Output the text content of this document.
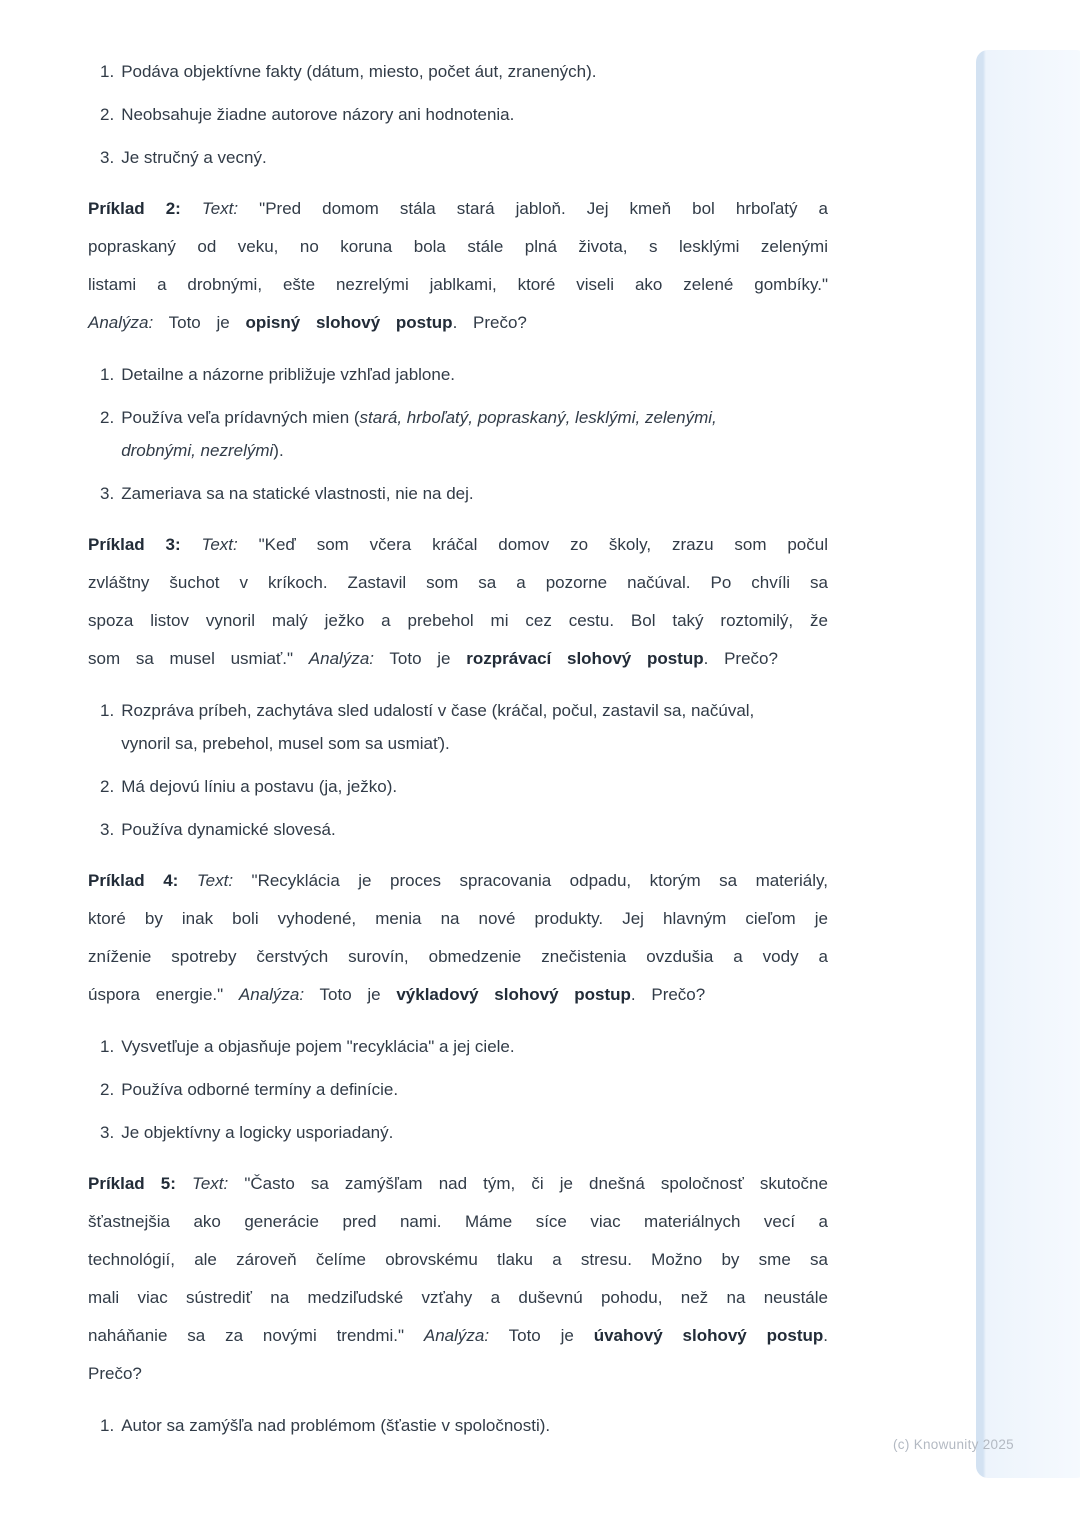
1. Podáva objektívne fakty (dátum, miesto, počet áut, zranených).
2. Neobsahuje žiadne autorove názory ani hodnotenia.
3. Je stručný a vecný.

Príklad 2: Text: "Pred domom stála stará jabloň. Jej kmeň bol hrboľatý a popraskaný od veku, no koruna bola stále plná života, s lesklými zelenými listami a drobnými, ešte nezrelými jablkami, ktoré viseli ako zelené gombíky." Analýza: Toto je opisný slohový postup. Prečo?

1. Detailne a názorne približuje vzhľad jablone.
2. Používa veľa prídavných mien (stará, hrboľatý, popraskaný, lesklými, zelenými, drobnými, nezrelými).
3. Zameriava sa na statické vlastnosti, nie na dej.

Príklad 3: Text: "Keď som včera kráčal domov zo školy, zrazu som počul zvláštny šuchot v kríkoch. Zastavil som sa a pozorne načúval. Po chvíli sa spoza listov vynoril malý ježko a prebehol mi cez cestu. Bol taký roztomilý, že som sa musel usmiať." Analýza: Toto je rozprávací slohový postup. Prečo?

1. Rozpráva príbeh, zachytáva sled udalostí v čase (kráčal, počul, zastavil sa, načúval, vynoril sa, prebehol, musel som sa usmiať).
2. Má dejovú líniu a postavu (ja, ježko).
3. Používa dynamické slovesá.

Príklad 4: Text: "Recyklácia je proces spracovania odpadu, ktorým sa materiály, ktoré by inak boli vyhodené, menia na nové produkty. Jej hlavným cieľom je zníženie spotreby čerstvých surovín, obmedzenie znečistenia ovzdušia a vody a úspora energie." Analýza: Toto je výkladový slohový postup. Prečo?

1. Vysvetľuje a objasňuje pojem "recyklácia" a jej ciele.
2. Používa odborné termíny a definície.
3. Je objektívny a logicky usporiadaný.

Príklad 5: Text: "Často sa zamýšľam nad tým, či je dnešná spoločnosť skutočne šťastnejšia ako generácie pred nami. Máme síce viac materiálnych vecí a technológií, ale zároveň čelíme obrovskému tlaku a stresu. Možno by sme sa mali viac sústrediť na medziľudské vzťahy a duševnú pohodu, než na neustále naháňanie sa za novými trendmi." Analýza: Toto je úvahový slohový postup. Prečo?

1. Autor sa zamýšľa nad problémom (šťastie v spoločnosti).
(c) Knowunity 2025
